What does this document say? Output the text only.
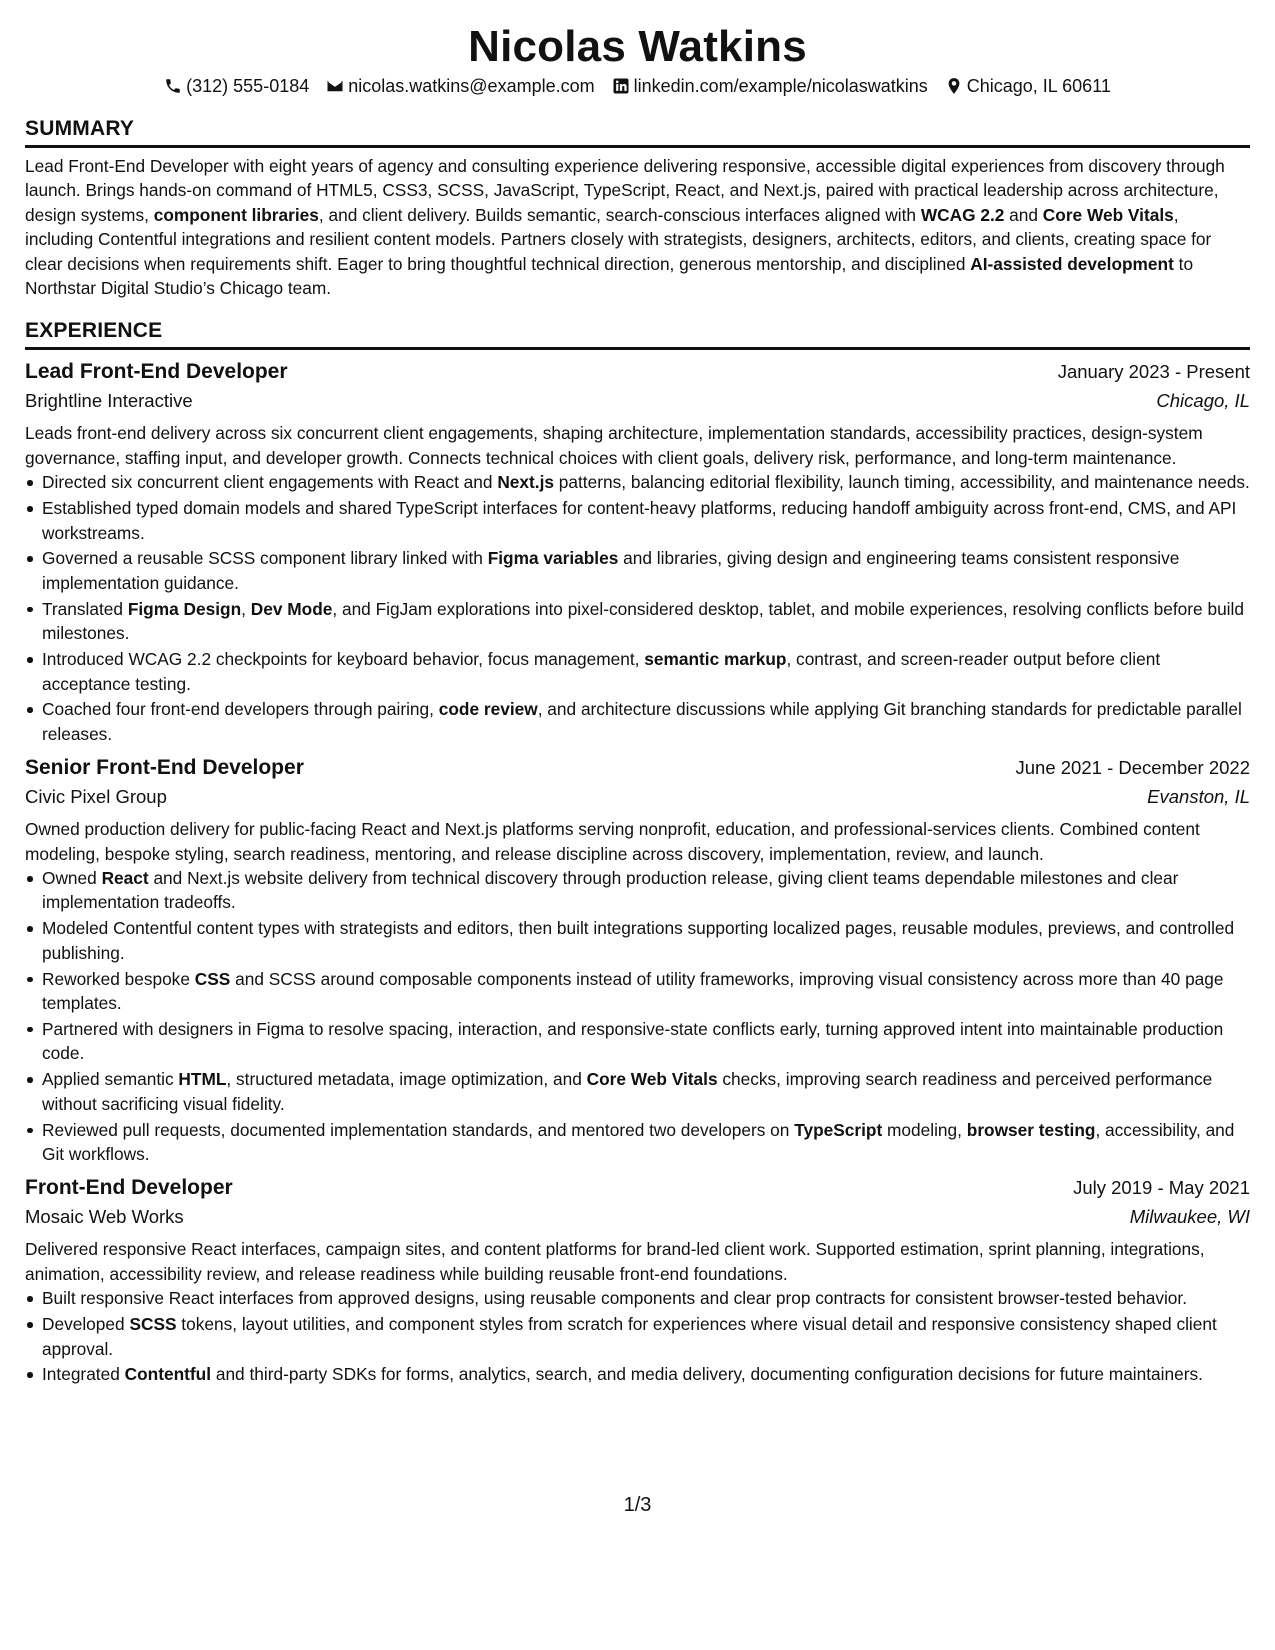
Nicolas Watkins
(312) 555-0184 nicolas.watkins@example.com linkedin.com/example/nicolaswatkins Chicago, IL 60611
SUMMARY

Lead Front-End Developer with eight years of agency and consulting experience delivering responsive, accessible digital experiences from discovery through launch. Brings hands-on command of HTML5, CSS3, SCSS, JavaScript, TypeScript, React, and Next.js, paired with practical leadership across architecture, design systems, component libraries, and client delivery. Builds semantic, search-conscious interfaces aligned with WCAG 2.2 and Core Web Vitals, including Contentful integrations and resilient content models. Partners closely with strategists, designers, architects, editors, and clients, creating space for clear decisions when requirements shift. Eager to bring thoughtful technical direction, generous mentorship, and disciplined AI-assisted development to Northstar Digital Studio’s Chicago team.

EXPERIENCE
Lead Front-End Developer	January 2023 - Present
Brightline Interactive	Chicago, IL

Leads front-end delivery across six concurrent client engagements, shaping architecture, implementation standards, accessibility practices, design-system governance, staffing input, and developer growth. Connects technical choices with client goals, delivery risk, performance, and long-term maintenance.

Directed six concurrent client engagements with React and Next.js patterns, balancing editorial flexibility, launch timing, accessibility, and maintenance needs.
Established typed domain models and shared TypeScript interfaces for content-heavy platforms, reducing handoff ambiguity across front-end, CMS, and API workstreams.
Governed a reusable SCSS component library linked with Figma variables and libraries, giving design and engineering teams consistent responsive implementation guidance.
Translated Figma Design, Dev Mode, and FigJam explorations into pixel-considered desktop, tablet, and mobile experiences, resolving conflicts before build milestones.
Introduced WCAG 2.2 checkpoints for keyboard behavior, focus management, semantic markup, contrast, and screen-reader output before client acceptance testing.
Coached four front-end developers through pairing, code review, and architecture discussions while applying Git branching standards for predictable parallel releases.
Senior Front-End Developer	June 2021 - December 2022
Civic Pixel Group	Evanston, IL

Owned production delivery for public-facing React and Next.js platforms serving nonprofit, education, and professional-services clients. Combined content modeling, bespoke styling, search readiness, mentoring, and release discipline across discovery, implementation, review, and launch.

Owned React and Next.js website delivery from technical discovery through production release, giving client teams dependable milestones and clear implementation tradeoffs.
Modeled Contentful content types with strategists and editors, then built integrations supporting localized pages, reusable modules, previews, and controlled publishing.
Reworked bespoke CSS and SCSS around composable components instead of utility frameworks, improving visual consistency across more than 40 page templates.
Partnered with designers in Figma to resolve spacing, interaction, and responsive-state conflicts early, turning approved intent into maintainable production code.
Applied semantic HTML, structured metadata, image optimization, and Core Web Vitals checks, improving search readiness and perceived performance without sacrificing visual fidelity.
Reviewed pull requests, documented implementation standards, and mentored two developers on TypeScript modeling, browser testing, accessibility, and Git workflows.
Front-End Developer	July 2019 - May 2021
Mosaic Web Works	Milwaukee, WI

Delivered responsive React interfaces, campaign sites, and content platforms for brand-led client work. Supported estimation, sprint planning, integrations, animation, accessibility review, and release readiness while building reusable front-end foundations.

Built responsive React interfaces from approved designs, using reusable components and clear prop contracts for consistent browser-tested behavior.
Developed SCSS tokens, layout utilities, and component styles from scratch for experiences where visual detail and responsive consistency shaped client approval.
Integrated Contentful and third-party SDKs for forms, analytics, search, and media delivery, documenting configuration decisions for future maintainers.
1/3
